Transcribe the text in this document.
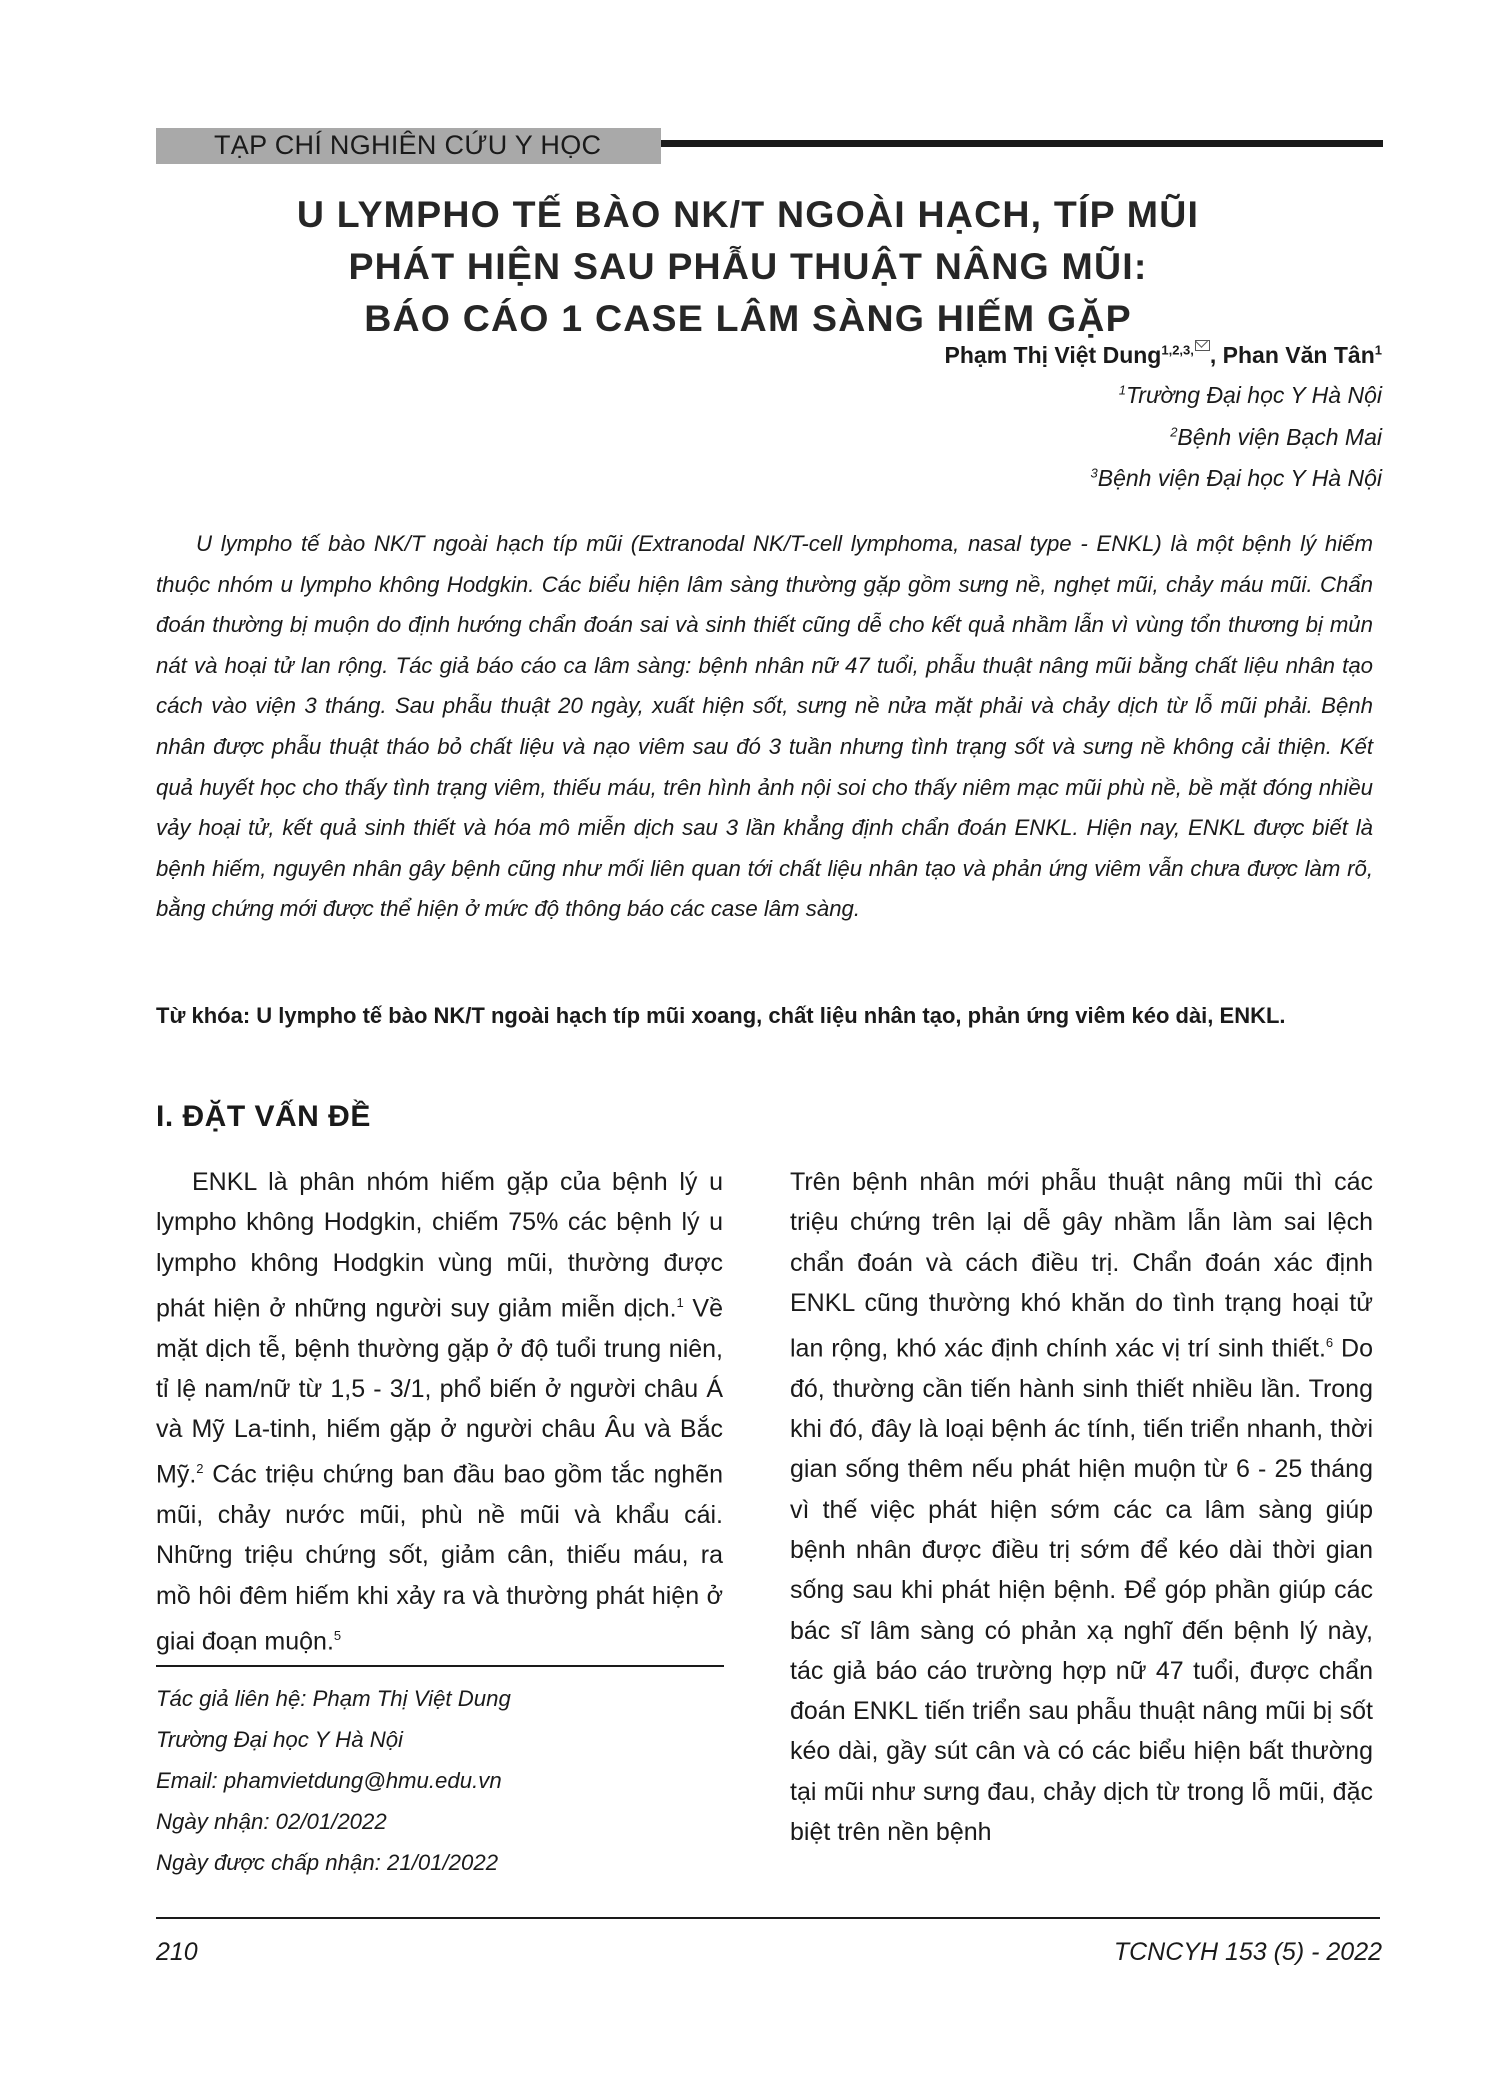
TẠP CHÍ NGHIÊN CỨU Y HỌC
U LYMPHO TẾ BÀO NK/T NGOÀI HẠCH, TÍP MŨI
PHÁT HIỆN SAU PHẪU THUẬT NÂNG MŨI:
BÁO CÁO 1 CASE LÂM SÀNG HIẾM GẶP
Phạm Thị Việt Dung$^{1,2,3,}$ , Phan Văn Tân$^1$
$^1$Trường Đại học Y Hà Nội
$^2$Bệnh viện Bạch Mai
$^3$Bệnh viện Đại học Y Hà Nội

U lympho tế bào NK/T ngoài hạch típ mũi (Extranodal NK/T-cell lymphoma, nasal type - ENKL) là một bệnh lý hiếm thuộc nhóm u lympho không Hodgkin. Các biểu hiện lâm sàng thường gặp gồm sưng nề, nghẹt mũi, chảy máu mũi. Chẩn đoán thường bị muộn do định hướng chẩn đoán sai và sinh thiết cũng dễ cho kết quả nhầm lẫn vì vùng tổn thương bị mủn nát và hoại tử lan rộng. Tác giả báo cáo ca lâm sàng: bệnh nhân nữ 47 tuổi, phẫu thuật nâng mũi bằng chất liệu nhân tạo cách vào viện 3 tháng. Sau phẫu thuật 20 ngày, xuất hiện sốt, sưng nề nửa mặt phải và chảy dịch từ lỗ mũi phải. Bệnh nhân được phẫu thuật tháo bỏ chất liệu và nạo viêm sau đó 3 tuần nhưng tình trạng sốt và sưng nề không cải thiện. Kết quả huyết học cho thấy tình trạng viêm, thiếu máu, trên hình ảnh nội soi cho thấy niêm mạc mũi phù nề, bề mặt đóng nhiều vảy hoại tử, kết quả sinh thiết và hóa mô miễn dịch sau 3 lần khẳng định chẩn đoán ENKL. Hiện nay, ENKL được biết là bệnh hiếm, nguyên nhân gây bệnh cũng như mối liên quan tới chất liệu nhân tạo và phản ứng viêm vẫn chưa được làm rõ, bằng chứng mới được thể hiện ở mức độ thông báo các case lâm sàng.

Từ khóa: U lympho tế bào NK/T ngoài hạch típ mũi xoang, chất liệu nhân tạo, phản ứng viêm kéo dài, ENKL.

I. ĐẶT VẤN ĐỀ

ENKL là phân nhóm hiếm gặp của bệnh lý u lympho không Hodgkin, chiếm 75% các bệnh lý u lympho không Hodgkin vùng mũi, thường được phát hiện ở những người suy giảm miễn dịch.$^1$ Về mặt dịch tễ, bệnh thường gặp ở độ tuổi trung niên, tỉ lệ nam/nữ từ 1,5 - 3/1, phổ biến ở người châu Á và Mỹ La-tinh, hiếm gặp ở người châu Âu và Bắc Mỹ.$^2$ Các triệu chứng ban đầu bao gồm tắc nghẽn mũi, chảy nước mũi, phù nề mũi và khẩu cái. Những triệu chứng sốt, giảm cân, thiếu máu, ra mồ hôi đêm hiếm khi xảy ra và thường phát hiện ở giai đoạn muộn.$^5$

Trên bệnh nhân mới phẫu thuật nâng mũi thì các triệu chứng trên lại dễ gây nhầm lẫn làm sai lệch chẩn đoán và cách điều trị. Chẩn đoán xác định ENKL cũng thường khó khăn do tình trạng hoại tử lan rộng, khó xác định chính xác vị trí sinh thiết.$^6$ Do đó, thường cần tiến hành sinh thiết nhiều lần. Trong khi đó, đây là loại bệnh ác tính, tiến triển nhanh, thời gian sống thêm nếu phát hiện muộn từ 6 - 25 tháng vì thế việc phát hiện sớm các ca lâm sàng giúp bệnh nhân được điều trị sớm để kéo dài thời gian sống sau khi phát hiện bệnh. Để góp phần giúp các bác sĩ lâm sàng có phản xạ nghĩ đến bệnh lý này, tác giả báo cáo trường hợp nữ 47 tuổi, được chẩn đoán ENKL tiến triển sau phẫu thuật nâng mũi bị sốt kéo dài, gầy sút cân và có các biểu hiện bất thường tại mũi như sưng đau, chảy dịch từ trong lỗ mũi, đặc biệt trên nền bệnh

Tác giả liên hệ: Phạm Thị Việt Dung
Trường Đại học Y Hà Nội
Email: phamvietdung@hmu.edu.vn
Ngày nhận: 02/01/2022
Ngày được chấp nhận: 21/01/2022
210	TCNCYH 153 (5) - 2022
